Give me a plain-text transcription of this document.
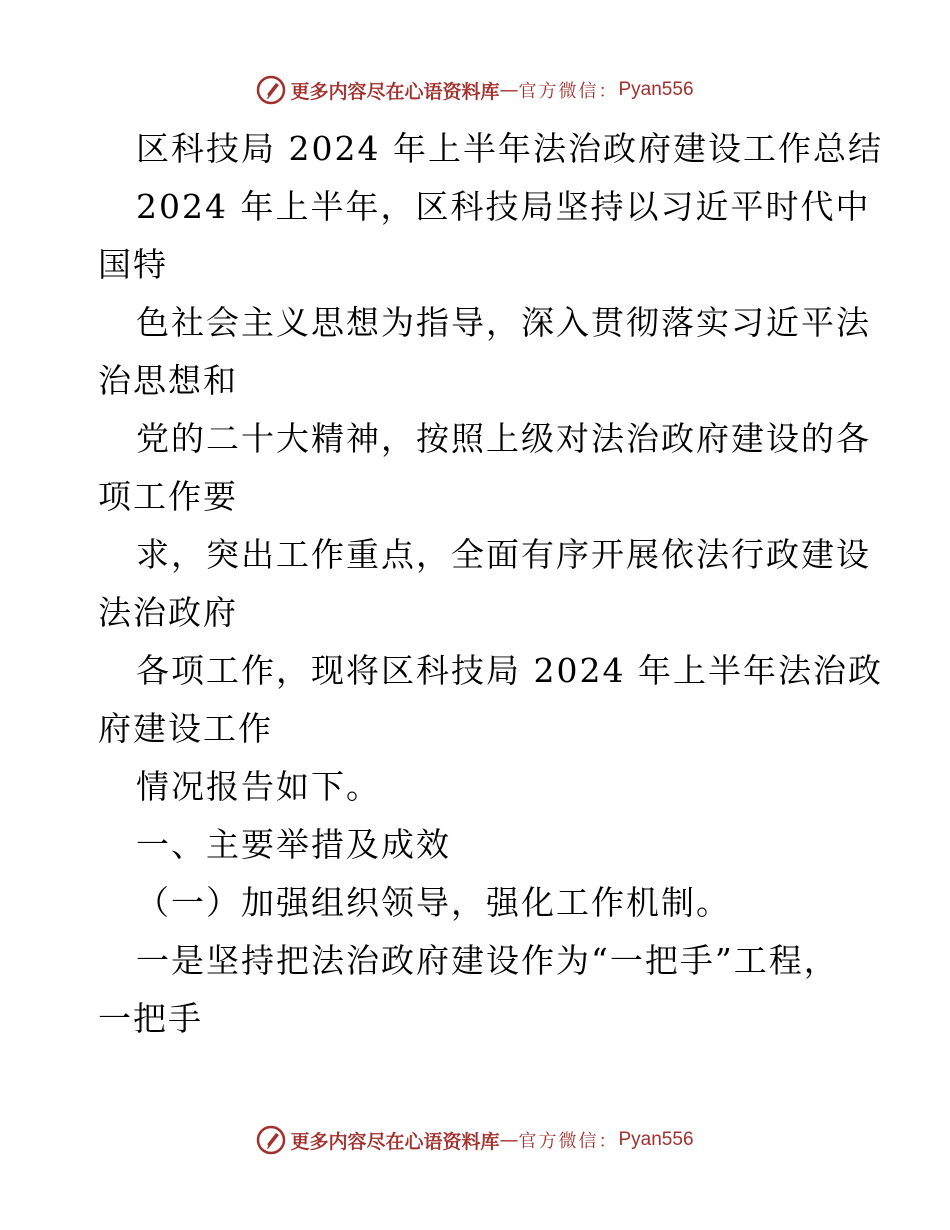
更多内容尽在心语资料库 — 官方微信： Pyan556
区科技局 2024 年上半年法治政府建设工作总结
2024 年上半年，区科技局坚持以习近平时代中
国特
色社会主义思想为指导，深入贯彻落实习近平法
治思想和
党的二十大精神，按照上级对法治政府建设的各
项工作要
求，突出工作重点，全面有序开展依法行政建设
法治政府
各项工作，现将区科技局 2024 年上半年法治政
府建设工作
情况报告如下。
一、主要举措及成效
（一）加强组织领导，强化工作机制。
一是坚持把法治政府建设作为“一把手”工程，
一把手
更多内容尽在心语资料库 — 官方微信： Pyan556
